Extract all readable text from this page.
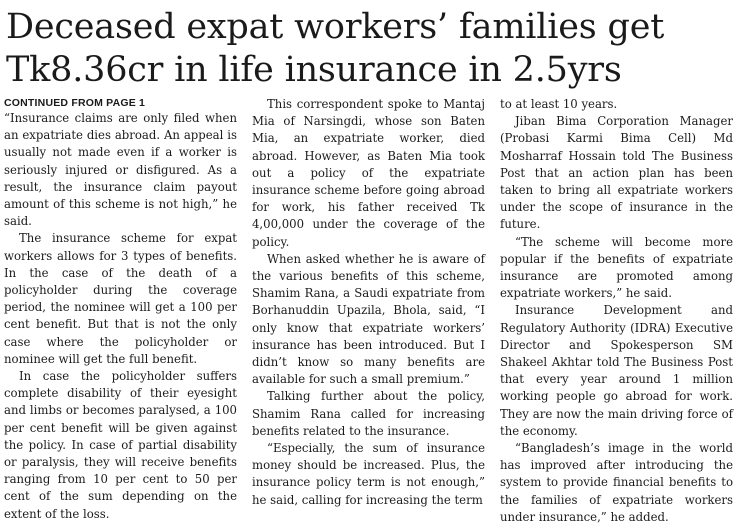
Deceased expat workers’ families get Tk8.36cr in life insurance in 2.5yrs
CONTINUED FROM PAGE 1

“Insurance claims are only filed when an expatriate dies abroad. An appeal is usually not made even if a worker is seriously injured or disfigured. As a result, the insurance claim payout amount of this scheme is not high,” he said.

The insurance scheme for expat workers allows for 3 types of benefits. In the case of the death of a policyholder during the coverage period, the nominee will get a 100 per cent benefit. But that is not the only case where the policyholder or nominee will get the full benefit.

In case the policyholder suffers complete disability of their eyesight and limbs or becomes paralysed, a 100 per cent benefit will be given against the policy. In case of partial disability or paralysis, they will receive benefits ranging from 10 per cent to 50 per cent of the sum depending on the extent of the loss.

This correspondent spoke to Mantaj Mia of Narsingdi, whose son Baten Mia, an expatriate worker, died abroad. However, as Baten Mia took out a policy of the expatriate insurance scheme before going abroad for work, his father received Tk 4,00,000 under the coverage of the policy.

When asked whether he is aware of the various benefits of this scheme, Shamim Rana, a Saudi expatriate from Borhanuddin Upazila, Bhola, said, “I only know that expatriate workers’ insurance has been introduced. But I didn’t know so many benefits are available for such a small premium.”

Talking further about the policy, Shamim Rana called for increasing benefits related to the insurance.

“Especially, the sum of insurance money should be increased. Plus, the insurance policy term is not enough,” he said, calling for increasing the term

to at least 10 years.

Jiban Bima Corporation Manager (Probasi Karmi Bima Cell) Md Mosharraf Hossain told The Business Post that an action plan has been taken to bring all expatriate workers under the scope of insurance in the future.

“The scheme will become more popular if the benefits of expatriate insurance are promoted among expatriate workers,” he said.

Insurance Development and Regulatory Authority (IDRA) Executive Director and Spokesperson SM Shakeel Akhtar told The Business Post that every year around 1 million working people go abroad for work. They are now the main driving force of the economy.

“Bangladesh’s image in the world has improved after introducing the system to provide financial benefits to the families of expatriate workers under insurance,” he added.
